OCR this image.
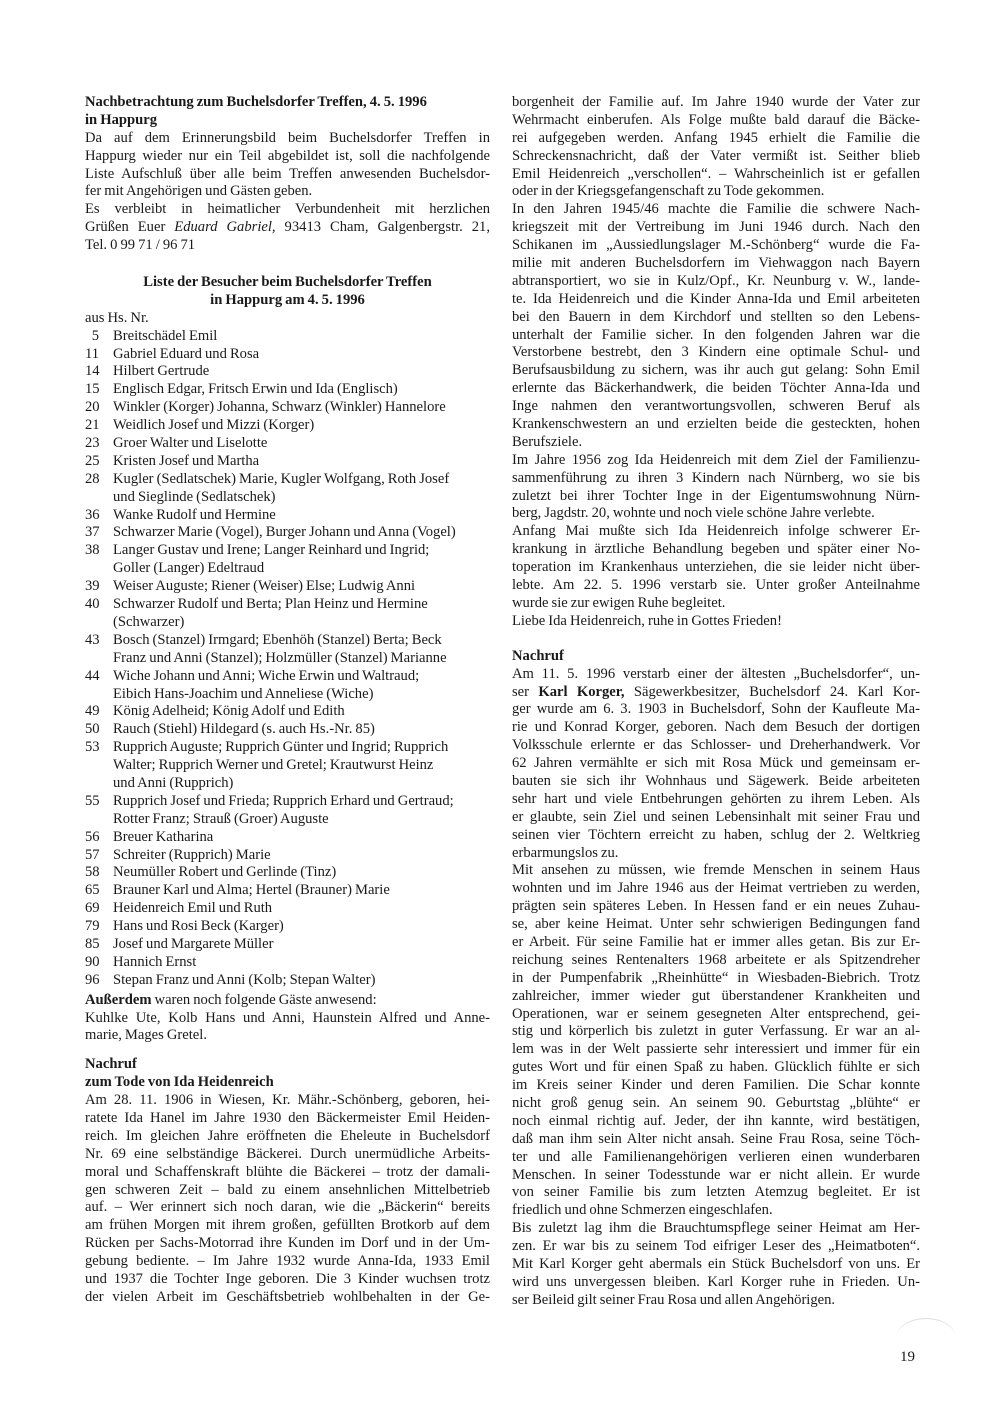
Nachbetrachtung zum Buchelsdorfer Treffen, 4. 5. 1996
in Happurg
Da auf dem Erinnerungsbild beim Buchelsdorfer Treffen in
Happurg wieder nur ein Teil abgebildet ist, soll die nachfolgende
Liste Aufschluß über alle beim Treffen anwesenden Buchelsdor-
fer mit Angehörigen und Gästen geben.
Es verbleibt in heimatlicher Verbundenheit mit herzlichen
Grüßen Euer Eduard Gabriel, 93413 Cham, Galgenbergstr. 21,
Tel. 0 99 71 / 96 71
Liste der Besucher beim Buchelsdorfer Treffen
in Happurg am 4. 5. 1996
aus Hs. Nr.
5 Breitschädel Emil
11 Gabriel Eduard und Rosa
14 Hilbert Gertrude
15 Englisch Edgar, Fritsch Erwin und Ida (Englisch)
20 Winkler (Korger) Johanna, Schwarz (Winkler) Hannelore
21 Weidlich Josef und Mizzi (Korger)
23 Groer Walter und Liselotte
25 Kristen Josef und Martha
28 Kugler (Sedlatschek) Marie, Kugler Wolfgang, Roth Josef
und Sieglinde (Sedlatschek)
36 Wanke Rudolf und Hermine
37 Schwarzer Marie (Vogel), Burger Johann und Anna (Vogel)
38 Langer Gustav und Irene; Langer Reinhard und Ingrid;
Goller (Langer) Edeltraud
39 Weiser Auguste; Riener (Weiser) Else; Ludwig Anni
40 Schwarzer Rudolf und Berta; Plan Heinz und Hermine
(Schwarzer)
43 Bosch (Stanzel) Irmgard; Ebenhöh (Stanzel) Berta; Beck
Franz und Anni (Stanzel); Holzmüller (Stanzel) Marianne
44 Wiche Johann und Anni; Wiche Erwin und Waltraud;
Eibich Hans-Joachim und Anneliese (Wiche)
49 König Adelheid; König Adolf und Edith
50 Rauch (Stiehl) Hildegard (s. auch Hs.-Nr. 85)
53 Rupprich Auguste; Rupprich Günter und Ingrid; Rupprich
Walter; Rupprich Werner und Gretel; Krautwurst Heinz
und Anni (Rupprich)
55 Rupprich Josef und Frieda; Rupprich Erhard und Gertraud;
Rotter Franz; Strauß (Groer) Auguste
56 Breuer Katharina
57 Schreiter (Rupprich) Marie
58 Neumüller Robert und Gerlinde (Tinz)
65 Brauner Karl und Alma; Hertel (Brauner) Marie
69 Heidenreich Emil und Ruth
79 Hans und Rosi Beck (Karger)
85 Josef und Margarete Müller
90 Hannich Ernst
96 Stepan Franz und Anni (Kolb; Stepan Walter)
Außerdem waren noch folgende Gäste anwesend:
Kuhlke Ute, Kolb Hans und Anni, Haunstein Alfred und Anne-
marie, Mages Gretel.
Nachruf
zum Tode von Ida Heidenreich
Am 28. 11. 1906 in Wiesen, Kr. Mähr.-Schönberg, geboren, hei-
ratete Ida Hanel im Jahre 1930 den Bäckermeister Emil Heiden-
reich. Im gleichen Jahre eröffneten die Eheleute in Buchelsdorf
Nr. 69 eine selbständige Bäckerei. Durch unermüdliche Arbeits-
moral und Schaffenskraft blühte die Bäckerei – trotz der damali-
gen schweren Zeit – bald zu einem ansehnlichen Mittelbetrieb
auf. – Wer erinnert sich noch daran, wie die „Bäckerin“ bereits
am frühen Morgen mit ihrem großen, gefüllten Brotkorb auf dem
Rücken per Sachs-Motorrad ihre Kunden im Dorf und in der Um-
gebung bediente. – Im Jahre 1932 wurde Anna-Ida, 1933 Emil
und 1937 die Tochter Inge geboren. Die 3 Kinder wuchsen trotz
der vielen Arbeit im Geschäftsbetrieb wohlbehalten in der Ge-
borgenheit der Familie auf. Im Jahre 1940 wurde der Vater zur
Wehrmacht einberufen. Als Folge mußte bald darauf die Bäcke-
rei aufgegeben werden. Anfang 1945 erhielt die Familie die
Schreckensnachricht, daß der Vater vermißt ist. Seither blieb
Emil Heidenreich „verschollen“. – Wahrscheinlich ist er gefallen
oder in der Kriegsgefangenschaft zu Tode gekommen.
In den Jahren 1945/46 machte die Familie die schwere Nach-
kriegszeit mit der Vertreibung im Juni 1946 durch. Nach den
Schikanen im „Aussiedlungslager M.-Schönberg“ wurde die Fa-
milie mit anderen Buchelsdorfern im Viehwaggon nach Bayern
abtransportiert, wo sie in Kulz/Opf., Kr. Neunburg v. W., lande-
te. Ida Heidenreich und die Kinder Anna-Ida und Emil arbeiteten
bei den Bauern in dem Kirchdorf und stellten so den Lebens-
unterhalt der Familie sicher. In den folgenden Jahren war die
Verstorbene bestrebt, den 3 Kindern eine optimale Schul- und
Berufsausbildung zu sichern, was ihr auch gut gelang: Sohn Emil
erlernte das Bäckerhandwerk, die beiden Töchter Anna-Ida und
Inge nahmen den verantwortungsvollen, schweren Beruf als
Krankenschwestern an und erzielten beide die gesteckten, hohen
Berufsziele.
Im Jahre 1956 zog Ida Heidenreich mit dem Ziel der Familienzu-
sammenführung zu ihren 3 Kindern nach Nürnberg, wo sie bis
zuletzt bei ihrer Tochter Inge in der Eigentumswohnung Nürn-
berg, Jagdstr. 20, wohnte und noch viele schöne Jahre verlebte.
Anfang Mai mußte sich Ida Heidenreich infolge schwerer Er-
krankung in ärztliche Behandlung begeben und später einer No-
toperation im Krankenhaus unterziehen, die sie leider nicht über-
lebte. Am 22. 5. 1996 verstarb sie. Unter großer Anteilnahme
wurde sie zur ewigen Ruhe begleitet.
Liebe Ida Heidenreich, ruhe in Gottes Frieden!
Nachruf
Am 11. 5. 1996 verstarb einer der ältesten „Buchelsdorfer“, un-
ser Karl Korger, Sägewerkbesitzer, Buchelsdorf 24. Karl Kor-
ger wurde am 6. 3. 1903 in Buchelsdorf, Sohn der Kaufleute Ma-
rie und Konrad Korger, geboren. Nach dem Besuch der dortigen
Volksschule erlernte er das Schlosser- und Dreherhandwerk. Vor
62 Jahren vermählte er sich mit Rosa Mück und gemeinsam er-
bauten sie sich ihr Wohnhaus und Sägewerk. Beide arbeiteten
sehr hart und viele Entbehrungen gehörten zu ihrem Leben. Als
er glaubte, sein Ziel und seinen Lebensinhalt mit seiner Frau und
seinen vier Töchtern erreicht zu haben, schlug der 2. Weltkrieg
erbarmungslos zu.
Mit ansehen zu müssen, wie fremde Menschen in seinem Haus
wohnten und im Jahre 1946 aus der Heimat vertrieben zu werden,
prägten sein späteres Leben. In Hessen fand er ein neues Zuhau-
se, aber keine Heimat. Unter sehr schwierigen Bedingungen fand
er Arbeit. Für seine Familie hat er immer alles getan. Bis zur Er-
reichung seines Rentenalters 1968 arbeitete er als Spitzendreher
in der Pumpenfabrik „Rheinhütte“ in Wiesbaden-Biebrich. Trotz
zahlreicher, immer wieder gut überstandener Krankheiten und
Operationen, war er seinem gesegneten Alter entsprechend, gei-
stig und körperlich bis zuletzt in guter Verfassung. Er war an al-
lem was in der Welt passierte sehr interessiert und immer für ein
gutes Wort und für einen Spaß zu haben. Glücklich fühlte er sich
im Kreis seiner Kinder und deren Familien. Die Schar konnte
nicht groß genug sein. An seinem 90. Geburtstag „blühte“ er
noch einmal richtig auf. Jeder, der ihn kannte, wird bestätigen,
daß man ihm sein Alter nicht ansah. Seine Frau Rosa, seine Töch-
ter und alle Familienangehörigen verlieren einen wunderbaren
Menschen. In seiner Todesstunde war er nicht allein. Er wurde
von seiner Familie bis zum letzten Atemzug begleitet. Er ist
friedlich und ohne Schmerzen eingeschlafen.
Bis zuletzt lag ihm die Brauchtumspflege seiner Heimat am Her-
zen. Er war bis zu seinem Tod eifriger Leser des „Heimatboten“.
Mit Karl Korger geht abermals ein Stück Buchelsdorf von uns. Er
wird uns unvergessen bleiben. Karl Korger ruhe in Frieden. Un-
ser Beileid gilt seiner Frau Rosa und allen Angehörigen.
19
